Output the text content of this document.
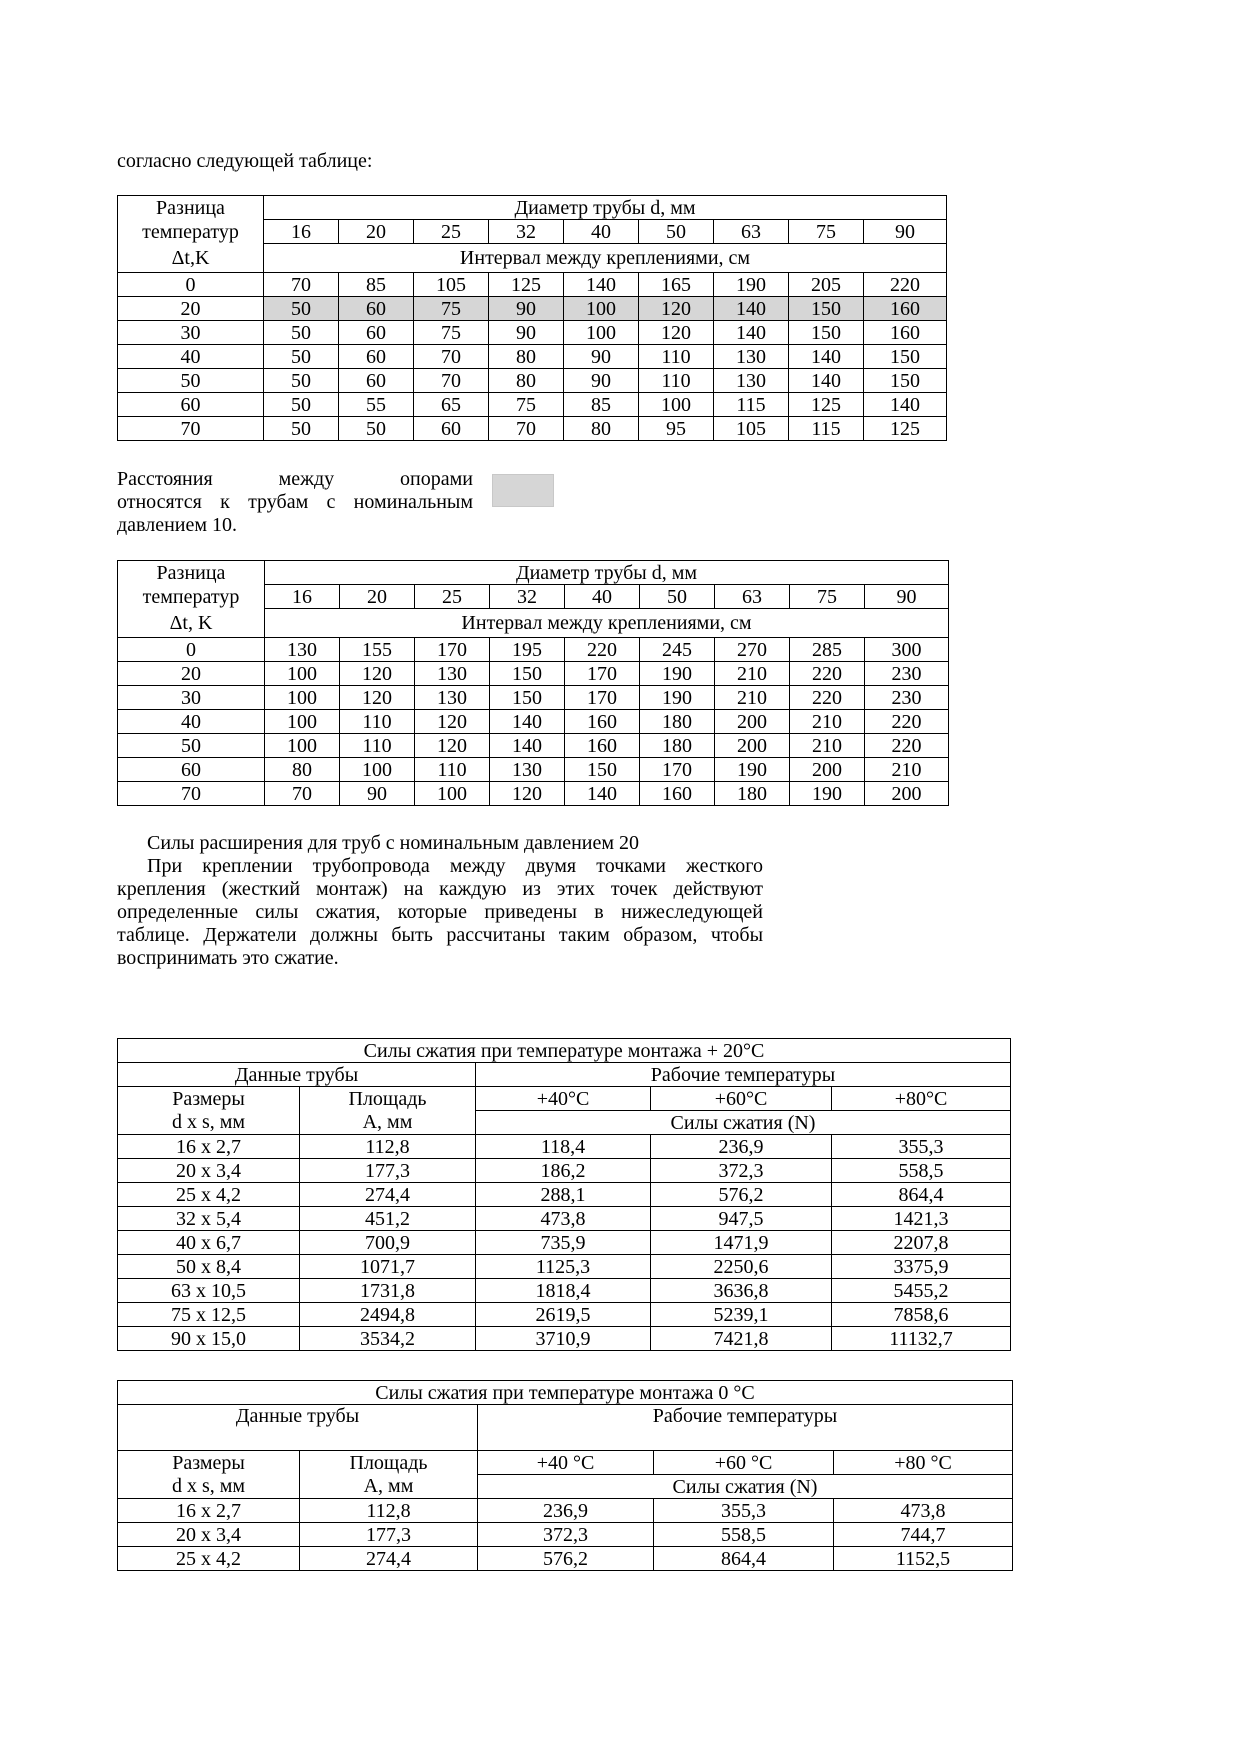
согласно следующей таблице:

Разница	Диаметр трубы d, мм								
температур	16	20	25	32	40	50	63	75	90
Δt,K	Интервал между креплениями, см								
0	70	85	105	125	140	165	190	205	220
20	50	60	75	90	100	120	140	150	160
30	50	60	75	90	100	120	140	150	160
40	50	60	70	80	90	110	130	140	150
50	50	60	70	80	90	110	130	140	150
60	50	55	65	75	85	100	115	125	140
70	50	50	60	70	80	95	105	115	125

Расстояния между опорами

относятся к трубам с номинальным

давлением 10.

Разница	Диаметр трубы d, мм								
температур	16	20	25	32	40	50	63	75	90
Δt, K	Интервал между креплениями, см								
0	130	155	170	195	220	245	270	285	300
20	100	120	130	150	170	190	210	220	230
30	100	120	130	150	170	190	210	220	230
40	100	110	120	140	160	180	200	210	220
50	100	110	120	140	160	180	200	210	220
60	80	100	110	130	150	170	190	200	210
70	70	90	100	120	140	160	180	190	200

Силы расширения для труб с номинальным давлением 20

При креплении трубопровода между двумя точками жесткого

крепления (жесткий монтаж) на каждую из этих точек действуют

определенные силы сжатия, которые приведены в нижеследующей

таблице. Держатели должны быть рассчитаны таким образом, чтобы

воспринимать это сжатие.

Силы сжатия при температуре монтажа + 20°C				
Данные трубы		Рабочие температуры		
Размеры	Площадь	+40°C	+60°C	+80°C
d x s, мм	A, мм	Силы сжатия (N)		
16 x 2,7	112,8	118,4	236,9	355,3
20 x 3,4	177,3	186,2	372,3	558,5
25 x 4,2	274,4	288,1	576,2	864,4
32 x 5,4	451,2	473,8	947,5	1421,3
40 x 6,7	700,9	735,9	1471,9	2207,8
50 x 8,4	1071,7	1125,3	2250,6	3375,9
63 x 10,5	1731,8	1818,4	3636,8	5455,2
75 x 12,5	2494,8	2619,5	5239,1	7858,6
90 x 15,0	3534,2	3710,9	7421,8	11132,7
Силы сжатия при температуре монтажа 0 °C				
Данные трубы		Рабочие температуры		
Размеры	Площадь	+40 °C	+60 °C	+80 °C
d x s, мм	A, мм	Силы сжатия (N)		
16 x 2,7	112,8	236,9	355,3	473,8
20 x 3,4	177,3	372,3	558,5	744,7
25 x 4,2	274,4	576,2	864,4	1152,5
